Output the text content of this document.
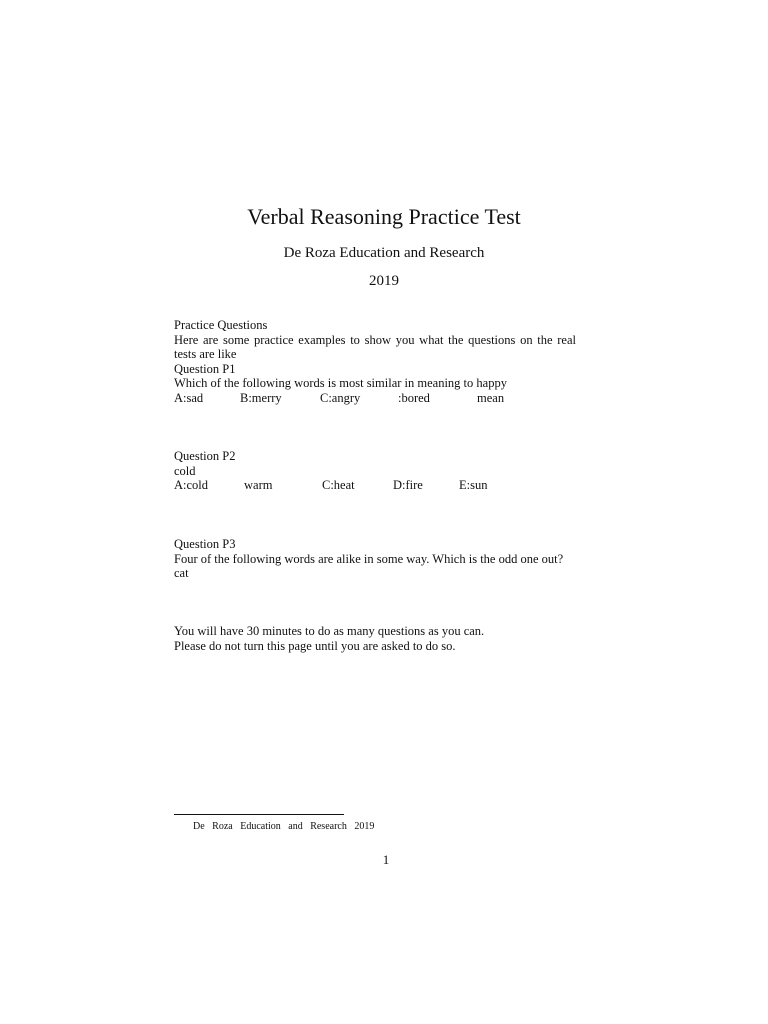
Verbal Reasoning Practice Test
De Roza Education and Research
2019
Practice Questions
Here are some practice examples to show you what the questions on the real
tests are like
Question P1
Which of the following words is most similar in meaning to happy
A:sad	B:merry	C:angry	:bored	mean
Question P2
cold
A:cold	warm	C:heat	D:fire	E:sun
Question P3
Four of the following words are alike in some way. Which is the odd one out?
cat
You will have 30 minutes to do as many questions as you can.
Please do not turn this page until you are asked to do so.
De Roza Education and Research 2019
1
